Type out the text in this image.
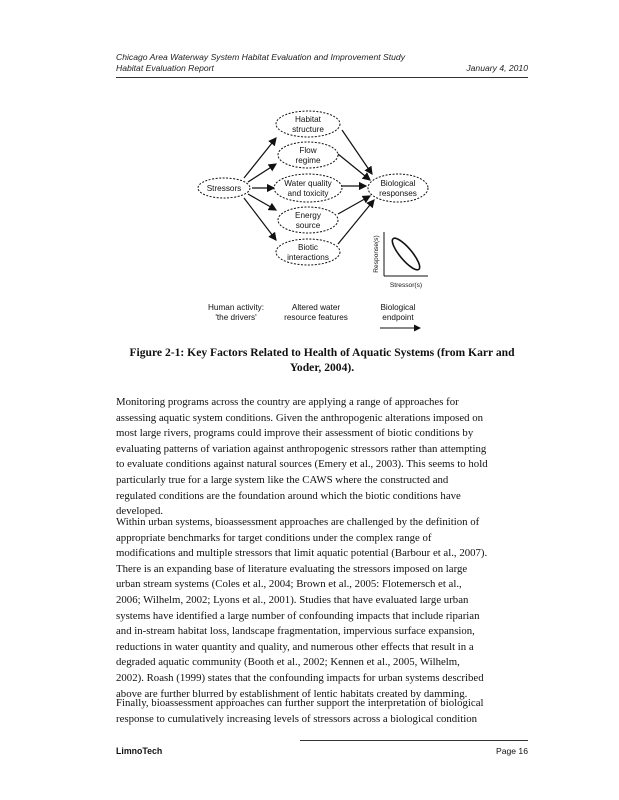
Chicago Area Waterway System Habitat Evaluation and Improvement Study
Habitat Evaluation Report	January 4, 2010
Stressors
Habitat
structure
Flow
regime
Water quality
and toxicity
Energy
source
Biotic
interactions
Biological
responses
Response(s)
Stressor(s)
Human activity:
'the drivers'
Altered water
resource features
Biological
endpoint
Figure 2-1: Key Factors Related to Health of Aquatic Systems (from Karr and
Yoder, 2004).
Monitoring programs across the country are applying a range of approaches for
assessing aquatic system conditions. Given the anthropogenic alterations imposed on
most large rivers, programs could improve their assessment of biotic conditions by
evaluating patterns of variation against anthropogenic stressors rather than attempting
to evaluate conditions against natural sources (Emery et al., 2003). This seems to hold
particularly true for a large system like the CAWS where the constructed and
regulated conditions are the foundation around which the biotic conditions have
developed.
Within urban systems, bioassessment approaches are challenged by the definition of
appropriate benchmarks for target conditions under the complex range of
modifications and multiple stressors that limit aquatic potential (Barbour et al., 2007).
There is an expanding base of literature evaluating the stressors imposed on large
urban stream systems (Coles et al., 2004; Brown et al., 2005: Flotemersch et al.,
2006; Wilhelm, 2002; Lyons et al., 2001). Studies that have evaluated large urban
systems have identified a large number of confounding impacts that include riparian
and in-stream habitat loss, landscape fragmentation, impervious surface expansion,
reductions in water quantity and quality, and numerous other effects that result in a
degraded aquatic community (Booth et al., 2002; Kennen et al., 2005, Wilhelm,
2002). Roash (1999) states that the confounding impacts for urban systems described
above are further blurred by establishment of lentic habitats created by damming.
Finally, bioassessment approaches can further support the interpretation of biological
response to cumulatively increasing levels of stressors across a biological condition
LimnoTech	Page 16
